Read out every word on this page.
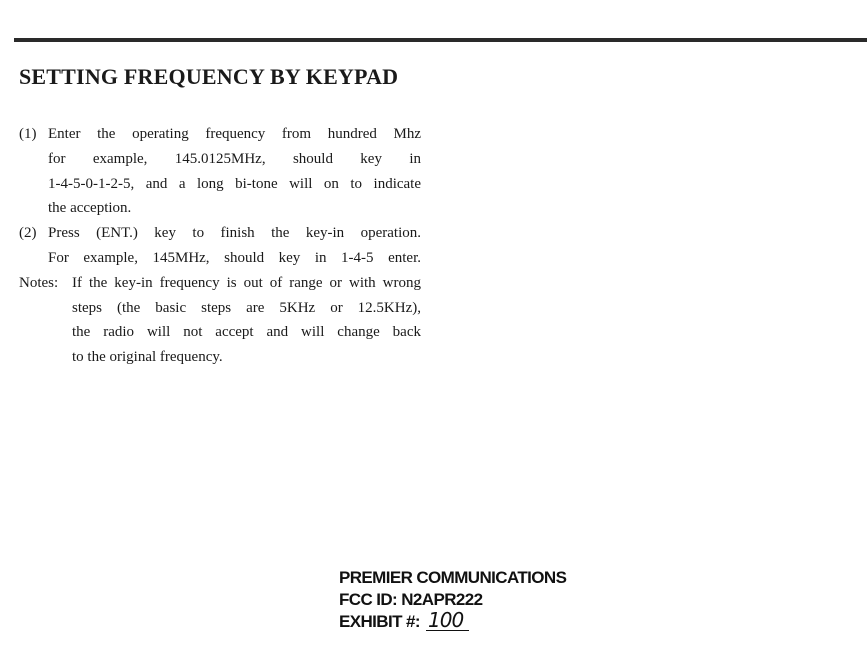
SETTING FREQUENCY BY KEYPAD
(1) Enter the operating frequency from hundred Mhz
for example, 145.0125MHz, should key in
1-4-5-0-1-2-5, and a long bi-tone will on to indicate
the acception.
(2) Press (ENT.) key to finish the key-in operation.
For example, 145MHz, should key in 1-4-5 enter.
Notes: If the key-in frequency is out of range or with wrong
steps (the basic steps are 5KHz or 12.5KHz),
the radio will not accept and will change back
to the original frequency.
PREMIER COMMUNICATIONS
FCC ID: N2APR222
EXHIBIT #: 100
